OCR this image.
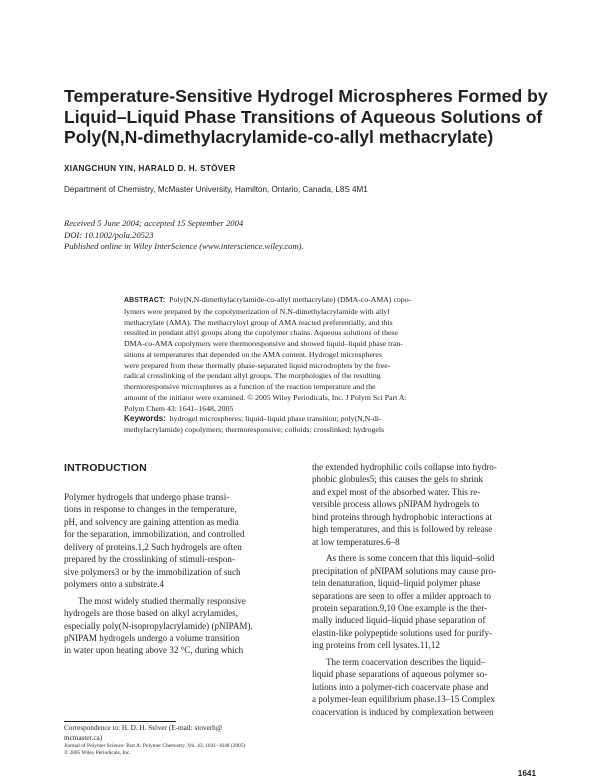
Temperature-Sensitive Hydrogel Microspheres Formed by
Liquid–Liquid Phase Transitions of Aqueous Solutions of
Poly(N,N-dimethylacrylamide-co-allyl methacrylate)
XIANGCHUN YIN, HARALD D. H. STÖVER
Department of Chemistry, McMaster University, Hamilton, Ontario, Canada, L8S 4M1
Received 5 June 2004; accepted 15 September 2004
DOI: 10.1002/pola.20523
Published online in Wiley InterScience (www.interscience.wiley.com).
ABSTRACT: Poly(N,N-dimethylacrylamide-co-allyl methacrylate) (DMA-co-AMA) copo-
lymers were prepared by the copolymerization of N,N-dimethylacrylamide with allyl
methacrylate (AMA). The methacryloyl group of AMA reacted preferentially, and this
resulted in pendant allyl groups along the copolymer chains. Aqueous solutions of these
DMA-co-AMA copolymers were thermoresponsive and showed liquid–liquid phase tran-
sitions at temperatures that depended on the AMA content. Hydrogel microspheres
were prepared from these thermally phase-separated liquid microdroplets by the free-
radical crosslinking of the pendant allyl groups. The morphologies of the resulting
thermoresponsive microspheres as a function of the reaction temperature and the
amount of the initiator were examined. © 2005 Wiley Periodicals, Inc. J Polym Sci Part A:
Polym Chem 43: 1641–1648, 2005
Keywords: hydrogel microspheres; liquid–liquid phase transition; poly(N,N-di-
methylacrylamide) copolymers; thermoresponsive; colloids; crosslinked; hydrogels
INTRODUCTION
Polymer hydrogels that undergo phase transi-
tions in response to changes in the temperature,
pH, and solvency are gaining attention as media
for the separation, immobilization, and controlled
delivery of proteins.1,2 Such hydrogels are often
prepared by the crosslinking of stimuli-respon-
sive polymers3 or by the immobilization of such
polymers onto a substrate.4
The most widely studied thermally responsive
hydrogels are those based on alkyl acrylamides,
especially poly(N-isopropylacrylamide) (pNIPAM).
pNIPAM hydrogels undergo a volume transition
in water upon heating above 32 °C, during which
the extended hydrophilic coils collapse into hydro-
phobic globules5; this causes the gels to shrink
and expel most of the absorbed water. This re-
versible process allows pNIPAM hydrogels to
bind proteins through hydrophobic interactions at
high temperatures, and this is followed by release
at low temperatures.6–8
As there is some concern that this liquid–solid
precipitation of pNIPAM solutions may cause pro-
tein denaturation, liquid–liquid polymer phase
separations are seen to offer a milder approach to
protein separation.9,10 One example is the ther-
mally induced liquid–liquid phase separation of
elastin-like polypeptide solutions used for purify-
ing proteins from cell lysates.11,12
The term coacervation describes the liquid–
liquid phase separations of aqueous polymer so-
lutions into a polymer-rich coacervate phase and
a polymer-lean equilibrium phase.13–15 Complex
coacervation is induced by complexation between
Correspondence to: H. D. H. Stöver (E-mail: stoverh@
mcmaster.ca)
Journal of Polymer Science: Part A: Polymer Chemistry, Vol. 43, 1641–1648 (2005)
© 2005 Wiley Periodicals, Inc.
1641
